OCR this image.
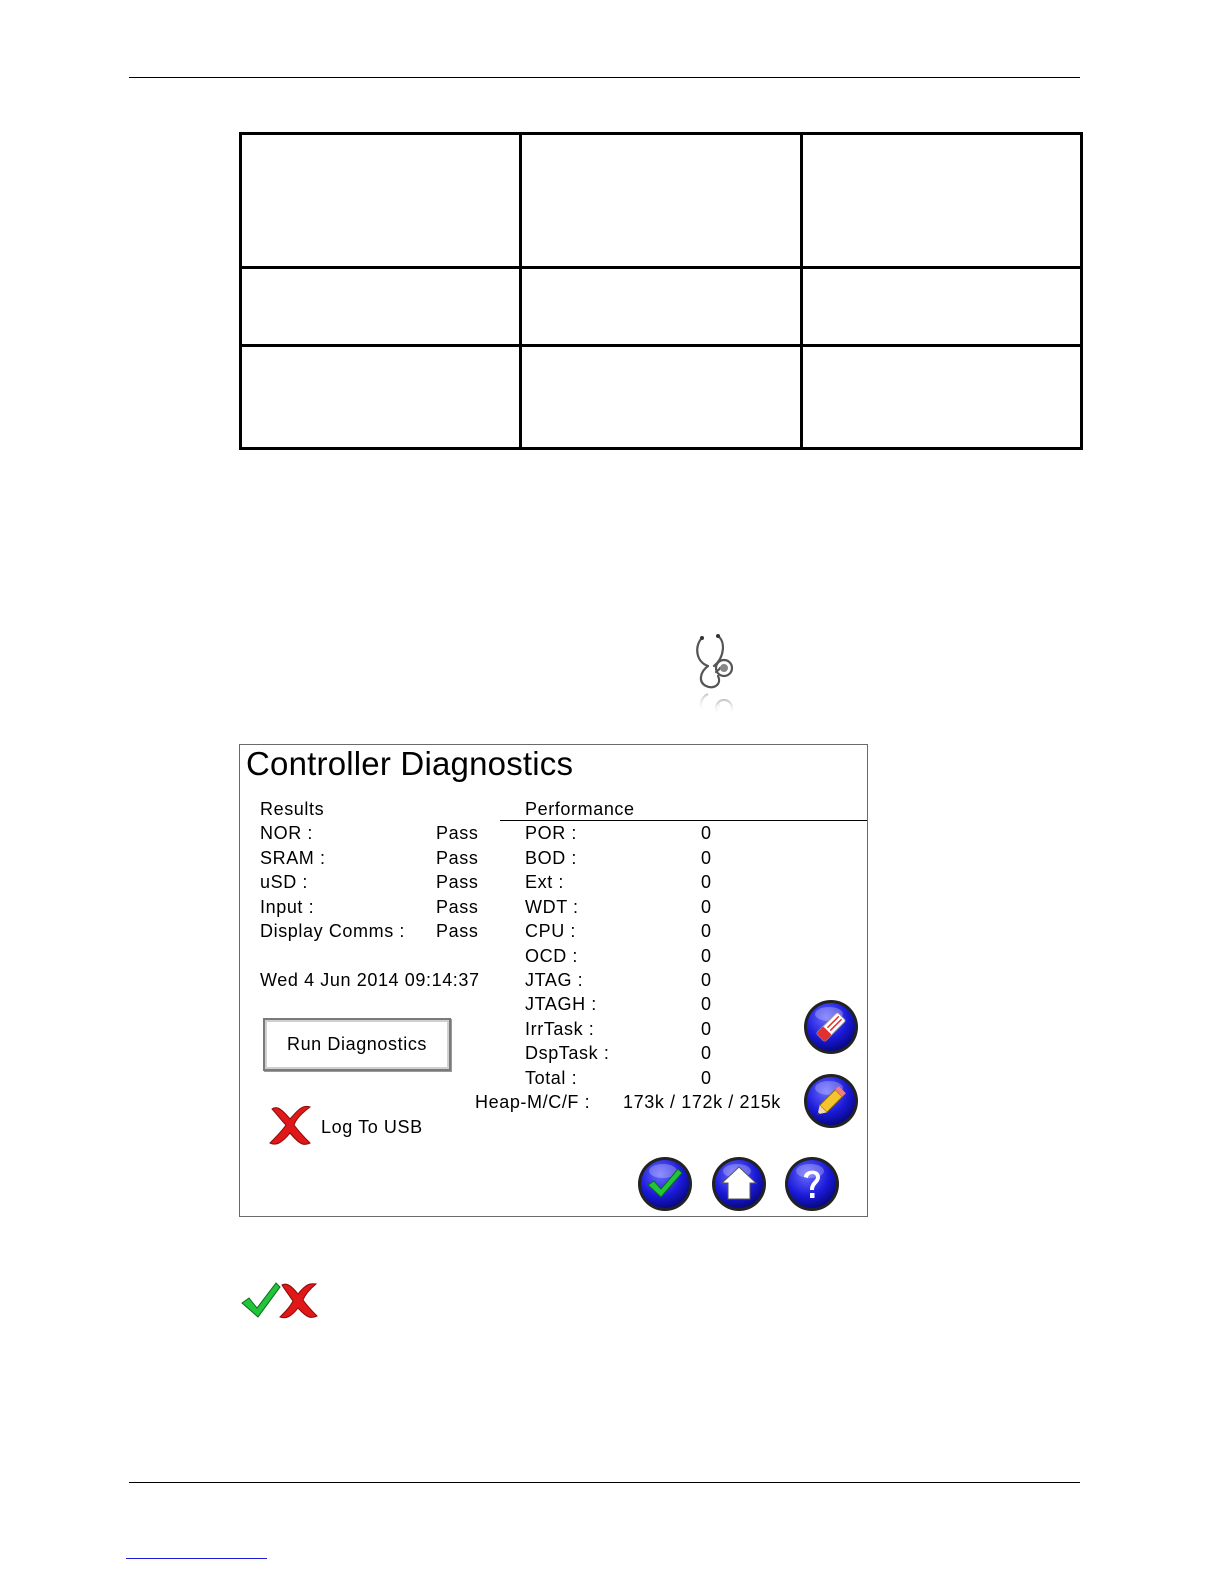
Controller Diagnostics
Results	Performance
NOR :	Pass
SRAM :	Pass
uSD :	Pass
Input :	Pass
Display Comms : Pass
Wed 4 Jun 2014 09:14:37
POR :	0
BOD :	0
Ext :	0
WDT :	0
CPU :	0
OCD :	0
JTAG :	0
JTAGH :	0
IrrTask :	0
DspTask :	0
Total :	0
Heap-M/C/F : 173k / 172k / 215k
Run Diagnostics
Log To USB
